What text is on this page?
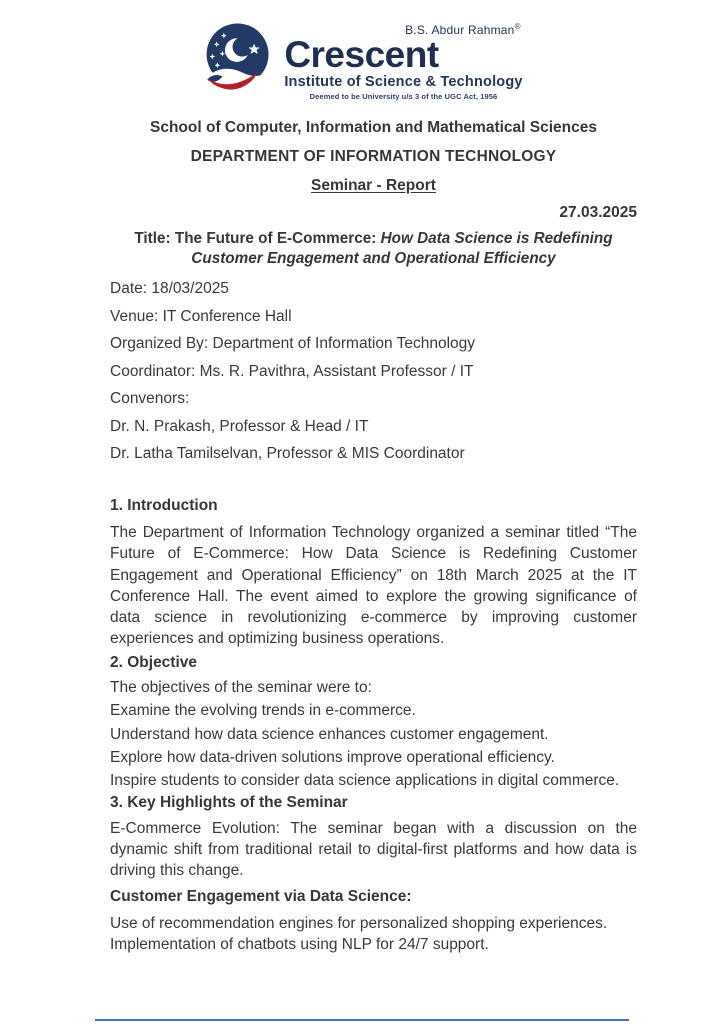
B.S. Abdur Rahman®
Crescent
Institute of Science & Technology
Deemed to be University u/s 3 of the UGC Act, 1956
School of Computer, Information and Mathematical Sciences
DEPARTMENT OF INFORMATION TECHNOLOGY
Seminar - Report
27.03.2025
Title: The Future of E-Commerce: How Data Science is Redefining
Customer Engagement and Operational Efficiency
Date: 18/03/2025
Venue: IT Conference Hall
Organized By: Department of Information Technology
Coordinator: Ms. R. Pavithra, Assistant Professor / IT
Convenors:
Dr. N. Prakash, Professor & Head / IT
Dr. Latha Tamilselvan, Professor & MIS Coordinator
1. Introduction
The Department of Information Technology organized a seminar titled “The Future of E-Commerce: How Data Science is Redefining Customer Engagement and Operational Efficiency” on 18th March 2025 at the IT Conference Hall. The event aimed to explore the growing significance of data science in revolutionizing e-commerce by improving customer experiences and optimizing business operations.
2. Objective
The objectives of the seminar were to:
Examine the evolving trends in e-commerce.
Understand how data science enhances customer engagement.
Explore how data-driven solutions improve operational efficiency.
Inspire students to consider data science applications in digital commerce.
3. Key Highlights of the Seminar
E-Commerce Evolution: The seminar began with a discussion on the dynamic shift from traditional retail to digital-first platforms and how data is driving this change.
Customer Engagement via Data Science:
Use of recommendation engines for personalized shopping experiences.
Implementation of chatbots using NLP for 24/7 support.
